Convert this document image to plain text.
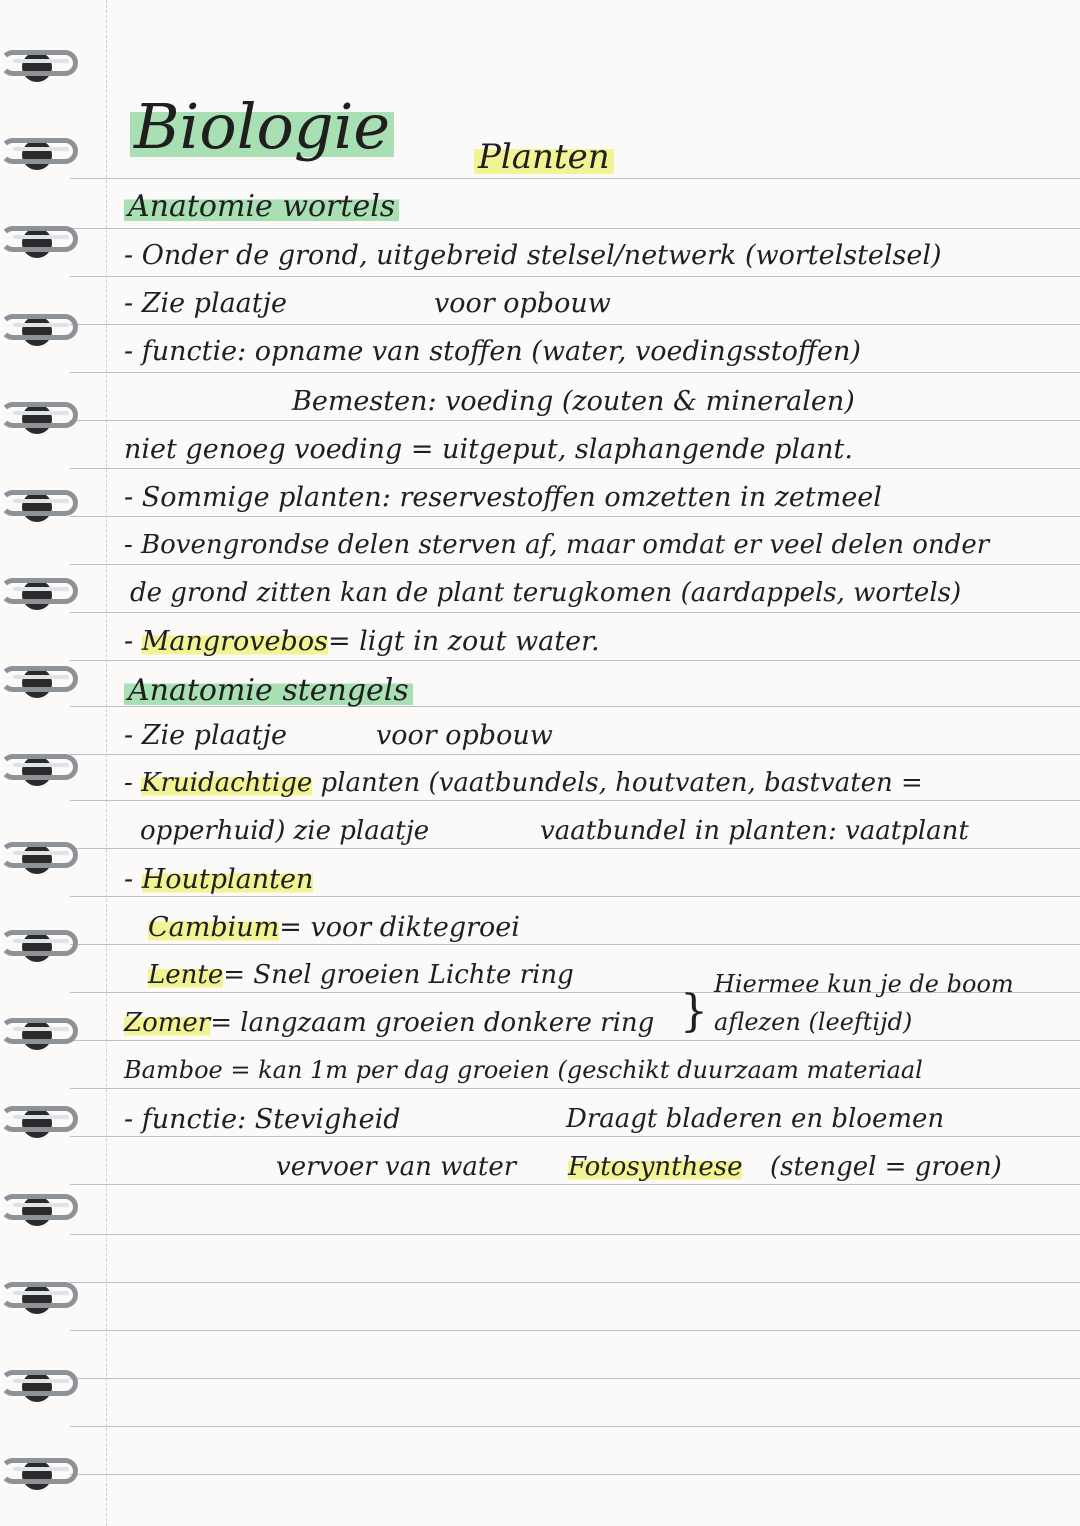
Biologie	Planten
Anatomie wortels
- Onder de grond, uitgebreid stelsel/netwerk (wortelstelsel)
- Zie plaatje	voor opbouw
- functie: opname van stoffen (water, voedingsstoffen)
Bemesten: voeding (zouten & mineralen)
niet genoeg voeding = uitgeput, slaphangende plant.
- Sommige planten: reservestoffen omzetten in zetmeel
- Bovengrondse delen sterven af, maar omdat er veel delen onder
de grond zitten kan de plant terugkomen (aardappels, wortels)
- Mangrovebos= ligt in zout water.
Anatomie stengels
- Zie plaatje	voor opbouw
- Kruidachtige planten (vaatbundels, houtvaten, bastvaten =
opperhuid) zie plaatje	vaatbundel in planten: vaatplant
- Houtplanten
Cambium= voor diktegroei
Lente= Snel groeien Lichte ring
}
Hiermee kun je de boom
Zomer= langzaam groeien donkere ring aflezen (leeftijd)
Bamboe = kan 1m per dag groeien (geschikt duurzaam materiaal
- functie: Stevigheid	Draagt bladeren en bloemen
vervoer van water Fotosynthese (stengel = groen)
